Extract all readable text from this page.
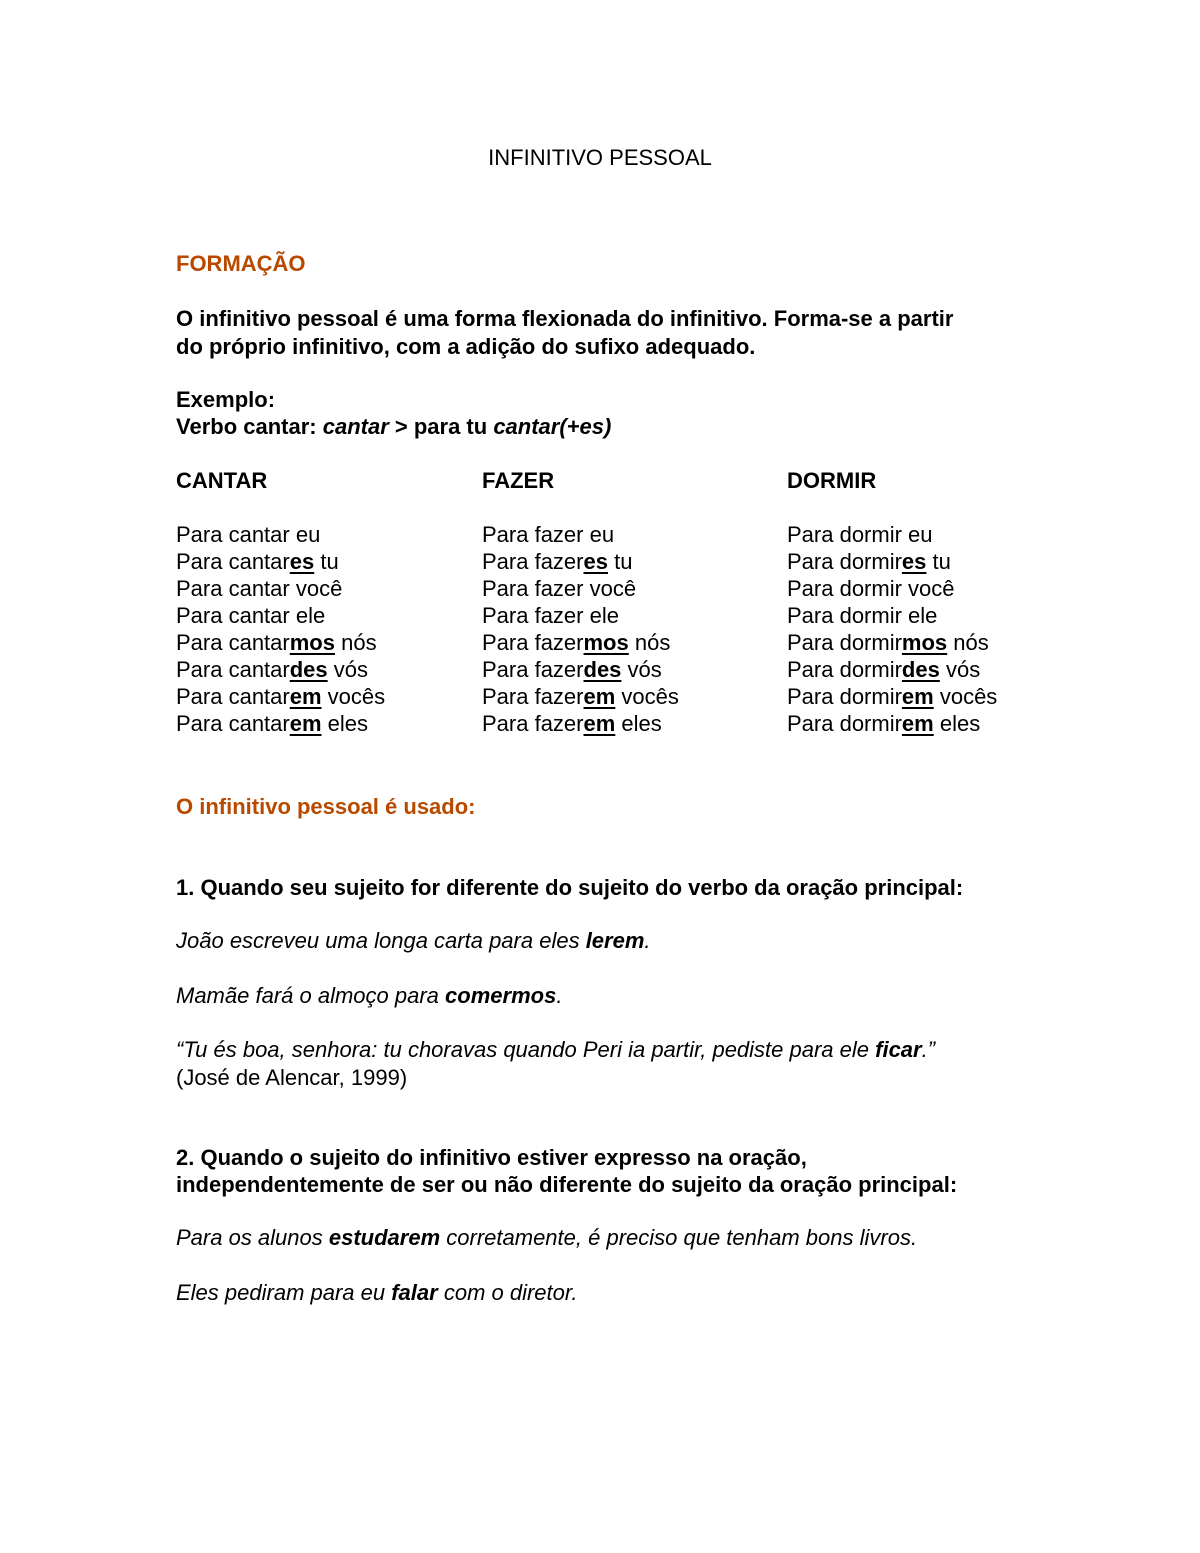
INFINITIVO PESSOAL
FORMAÇÃO
O infinitivo pessoal é uma forma flexionada do infinitivo. Forma-se a partir
do próprio infinitivo, com a adição do sufixo adequado.
Exemplo:
Verbo cantar: cantar > para tu cantar(+es)
CANTAR	FAZER	DORMIR
Para cantar eu
Para cantares tu
Para cantar você
Para cantar ele
Para cantarmos nós
Para cantardes vós
Para cantarem vocês
Para cantarem eles
Para fazer eu
Para fazeres tu
Para fazer você
Para fazer ele
Para fazermos nós
Para fazerdes vós
Para fazerem vocês
Para fazerem eles
Para dormir eu
Para dormires tu
Para dormir você
Para dormir ele
Para dormirmos nós
Para dormirdes vós
Para dormirem vocês
Para dormirem eles
O infinitivo pessoal é usado:
1. Quando seu sujeito for diferente do sujeito do verbo da oração principal:
João escreveu uma longa carta para eles lerem.
Mamãe fará o almoço para comermos.
“Tu és boa, senhora: tu choravas quando Peri ia partir, pediste para ele ficar.”
(José de Alencar, 1999)
2. Quando o sujeito do infinitivo estiver expresso na oração,
independentemente de ser ou não diferente do sujeito da oração principal:
Para os alunos estudarem corretamente, é preciso que tenham bons livros.
Eles pediram para eu falar com o diretor.
